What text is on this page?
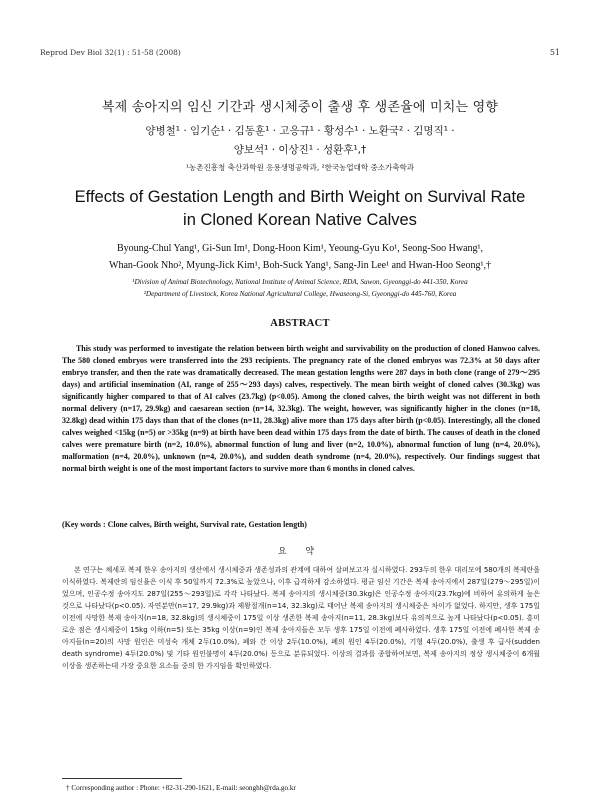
Reprod Dev Biol 32(1) : 51-58 (2008)	51
복제 송아지의 임신 기간과 생시체중이 출생 후 생존율에 미치는 영향
양병철¹ · 임기순¹ · 김동훈¹ · 고응규¹ · 황성수¹ · 노환국² · 김명직¹ ·
양보석¹ · 이상진¹ · 성환후¹,†
¹농촌진흥청 축산과학원 응용생명공학과, ²한국농업대학 중소가축학과
Effects of Gestation Length and Birth Weight on Survival Rate
in Cloned Korean Native Calves
Byoung-Chul Yang¹, Gi-Sun Im¹, Dong-Hoon Kim¹, Yeoung-Gyu Ko¹, Seong-Soo Hwang¹,
Whan-Gook Nho², Myung-Jick Kim¹, Boh-Suck Yang¹, Sang-Jin Lee¹ and Hwan-Hoo Seong¹,†
¹Division of Animal Biotechnology, National Institute of Animal Science, RDA, Suwon, Gyeonggi-do 441-350, Korea
²Department of Livestock, Korea National Agricultural College, Hwaseong-Si, Gyeonggi-do 445-760, Korea
ABSTRACT
This study was performed to investigate the relation between birth weight and survivability on the production of cloned Hanwoo calves. The 580 cloned embryos were transferred into the 293 recipients. The pregnancy rate of the cloned embryos was 72.3% at 50 days after embryo transfer, and then the rate was dramatically decreased. The mean gestation lengths were 287 days in both clone (range of 279～295 days) and artificial insemination (AI, range of 255～293 days) calves, respectively. The mean birth weight of cloned calves (30.3kg) was significantly higher compared to that of AI calves (23.7kg) (p<0.05). Among the cloned calves, the birth weight was not different in both normal delivery (n=17, 29.9kg) and caesarean section (n=14, 32.3kg). The weight, however, was significantly higher in the clones (n=18, 32.8kg) dead within 175 days than that of the clones (n=11, 28.3kg) alive more than 175 days after birth (p<0.05). Interestingly, all the cloned calves weighed <15kg (n=5) or >35kg (n=9) at birth have been dead within 175 days from the date of birth. The causes of death in the cloned calves were premature birth (n=2, 10.0%), abnormal function of lung and liver (n=2, 10.0%), abnormal function of lung (n=4, 20.0%), malformation (n=4, 20.0%), unknown (n=4, 20.0%), and sudden death syndrome (n=4, 20.0%), respectively. Our findings suggest that normal birth weight is one of the most important factors to survive more than 6 months in cloned calves.
(Key words : Clone calves, Birth weight, Survival rate, Gestation length)
요 약
본 연구는 체세포 복제 한우 송아지의 생산에서 생시체중과 생존성과의 관계에 대하여 살펴보고자 실시하였다. 293두의 한우 대리모에 580개의 복제란을 이식하였다. 복제란의 임신율은 이식 후 50일까지 72.3%로 높았으나, 이후 급격하게 감소하였다. 평균 임신 기간은 복제 송아지에서 287일(279～295일)이었으며, 인공수정 송아지도 287일(255～293일)로 각각 나타났다. 복제 송아지의 생시체중(30.3kg)은 인공수정 송아지(23.7kg)에 비하여 유의하게 높은 것으로 나타났다(p<0.05). 자연분만(n=17, 29.9kg)과 제왕절개(n=14, 32.3kg)로 태어난 복제 송아지의 생시체중은 차이가 없었다. 하지만, 생후 175일 이전에 사망한 복제 송아지(n=18, 32.8kg)의 생시체중이 175일 이상 생존한 복제 송아지(n=11, 28.3kg)보다 유의적으로 높게 나타났다(p<0.05). 흥미로운 점은 생시체중이 15kg 이하(n=5) 또는 35kg 이상(n=9)인 복제 송아지들은 모두 생후 175일 이전에 폐사하였다. 생후 175일 이전에 폐사한 복제 송아지들(n=20)의 사망 원인은 미성숙 개체 2두(10.0%), 폐와 간 이상 2두(10.0%), 폐의 원인 4두(20.0%), 기형 4두(20.0%), 출생 후 급사(sudden death syndrome) 4두(20.0%) 및 기타 원인불명이 4두(20.0%) 등으로 분류되었다. 이상의 결과를 종합하여보면, 복제 송아지의 정상 생시체중이 6개월 이상을 생존하는데 가장 중요한 요소들 중의 한 가지임을 확인하였다.
† Corresponding author : Phone: +82-31-290-1621, E-mail: seonghh@rda.go.kr
